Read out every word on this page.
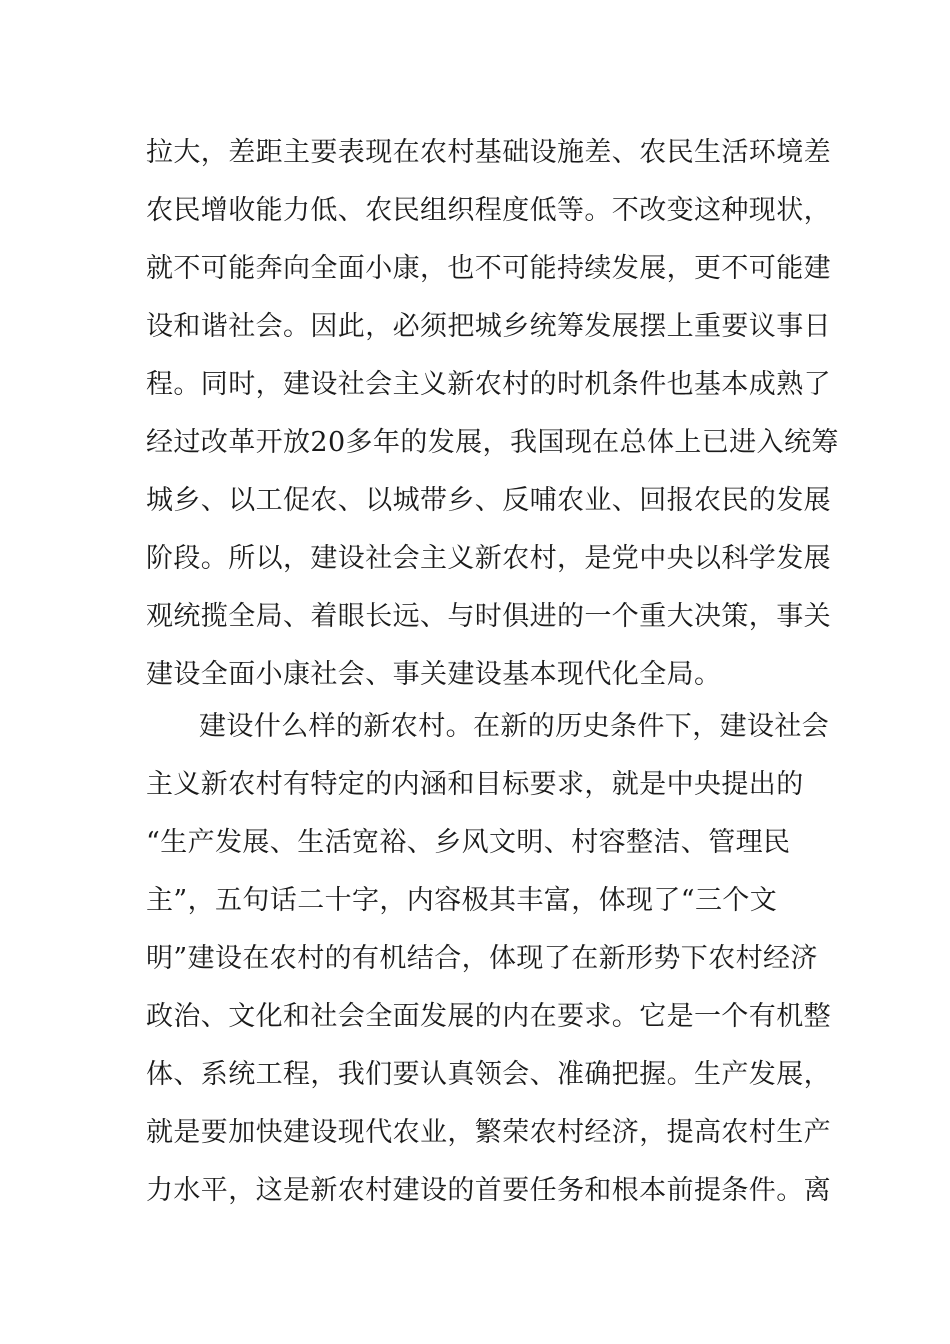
拉大，差距主要表现在农村基础设施差、农民生活环境差
农民增收能力低、农民组织程度低等。不改变这种现状，
就不可能奔向全面小康，也不可能持续发展，更不可能建
设和谐社会。因此，必须把城乡统筹发展摆上重要议事日
程。同时，建设社会主义新农村的时机条件也基本成熟了
经过改革开放20多年的发展，我国现在总体上已进入统筹
城乡、以工促农、以城带乡、反哺农业、回报农民的发展
阶段。所以，建设社会主义新农村，是党中央以科学发展
观统揽全局、着眼长远、与时俱进的一个重大决策，事关
建设全面小康社会、事关建设基本现代化全局。
建设什么样的新农村。在新的历史条件下，建设社会
主义新农村有特定的内涵和目标要求，就是中央提出的
“生产发展、生活宽裕、乡风文明、村容整洁、管理民
主”，五句话二十字，内容极其丰富，体现了“三个文
明”建设在农村的有机结合，体现了在新形势下农村经济
政治、文化和社会全面发展的内在要求。它是一个有机整
体、系统工程，我们要认真领会、准确把握。生产发展，
就是要加快建设现代农业，繁荣农村经济，提高农村生产
力水平，这是新农村建设的首要任务和根本前提条件。离
